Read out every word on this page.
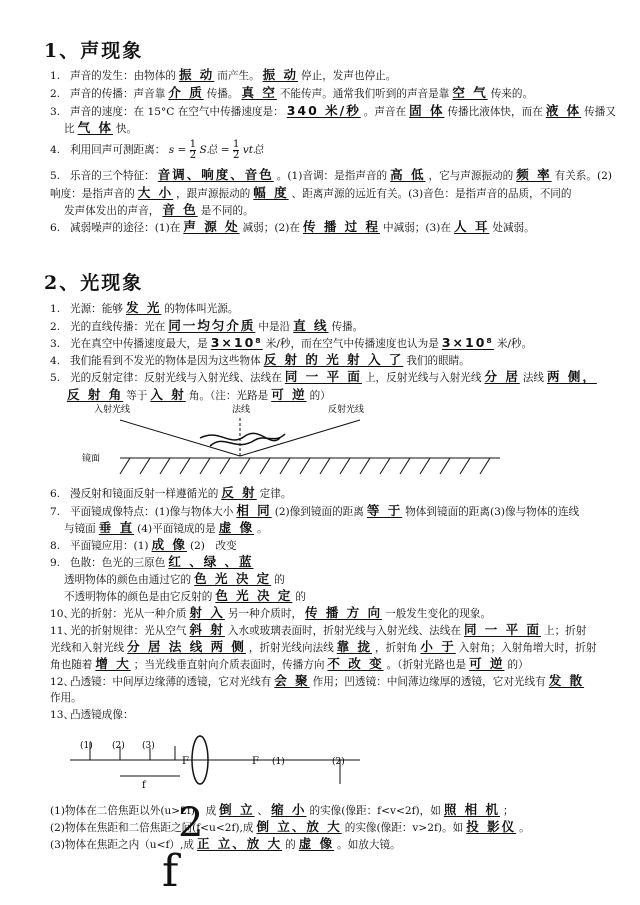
1、声现象
1. 声音的发生：由物体的 振 动 而产生。 振 动 停止，发声也停止。
2. 声音的传播：声音靠 介 质 传播。 真 空 不能传声。通常我们听到的声音是靠 空 气 传来的。
3. 声音的速度：在 15°C 在空气中传播速度是： 340 米/秒 。声音在 固 体 传播比液体快，而在 液 体 传播又
比 气 体 快。
4. 利用回声可测距离： $s = \frac{1}{2}$ S总 = $\frac{1}{2}$ vt总
5. 乐音的三个特征： 音调、响度、音色 。(1)音调：是指声音的 高 低 ，它与声源振动的 频 率 有关系。(2)
响度：是指声音的 大 小 ，跟声源振动的 幅 度 、距离声源的远近有关。(3)音色：是指声音的品质，不同的
发声体发出的声音， 音 色 是不同的。
6. 减弱噪声的途径：(1)在 声 源 处 减弱；(2)在 传 播 过 程 中减弱；(3)在 人 耳 处减弱。
2、光现象
1. 光源：能够 发 光 的物体叫光源。
2. 光的直线传播：光在 同一均匀介质 中是沿 直 线 传播。
3. 光在真空中传播速度最大，是 3×10⁸ 米/秒，而在空气中传播速度也认为是 3×10⁸ 米/秒。
4. 我们能看到不发光的物体是因为这些物体 反 射 的 光 射 入 了 我们的眼睛。
5. 光的反射定律：反射光线与入射光线、法线在 同 一 平 面 上，反射光线与入射光线 分 居 法线 两 侧，
反 射 角 等于 入 射 角。（注：光路是 可 逆 的）
入射光线	法线	反射光线
镜面
6. 漫反射和镜面反射一样遵循光的 反 射 定律。
7. 平面镜成像特点：(1)像与物体大小 相 同 (2)像到镜面的距离 等 于 物体到镜面的距离(3)像与物体的连线
与镜面 垂 直 (4)平面镜成的是 虚 像 。
8. 平面镜应用：(1) 成 像 (2)　改变
9. 色散：色光的三原色 红 、绿 、蓝
透明物体的颜色由通过它的 色 光 决 定 的
不透明物体的颜色是由它反射的 色 光 决 定 的
10、光的折射：光从一种介质 射 入 另一种介质时， 传 播 方 向 一般发生变化的现象。
11、光的折射规律：光从空气 斜 射 入水或玻璃表面时，折射光线与入射光线、法线在 同 一 平 面 上；折射
光线和入射光线 分 居 法 线 两 侧 ，折射光线向法线 靠 拢 ，折射角 小 于 入射角；入射角增大时，折射
角也随着 增 大 ；当光线垂直射向介质表面时，传播方向 不 改 变 。（折射光路也是 可 逆 的）
12、凸透镜：中间厚边缘薄的透镜，它对光线有 会 聚 作用；凹透镜：中间薄边缘厚的透镜，它对光线有 发 散
作用。
13、凸透镜成像：
(1) (2) (3)
F	F (1)	(2)
f
(1)物体在二倍焦距以外(u>2f)，成 倒 立 、 缩 小 的实像(像距：f<v<2f)，如 照 相 机 ；
(2)物体在焦距和二倍焦距之间(f<u<2f),成 倒 立、放 大 的实像(像距：v>2f)。如 投 影仪 。
(3)物体在焦距之内（u<f）,成 正 立、放 大 的 虚 像 。如放大镜。
2
f
